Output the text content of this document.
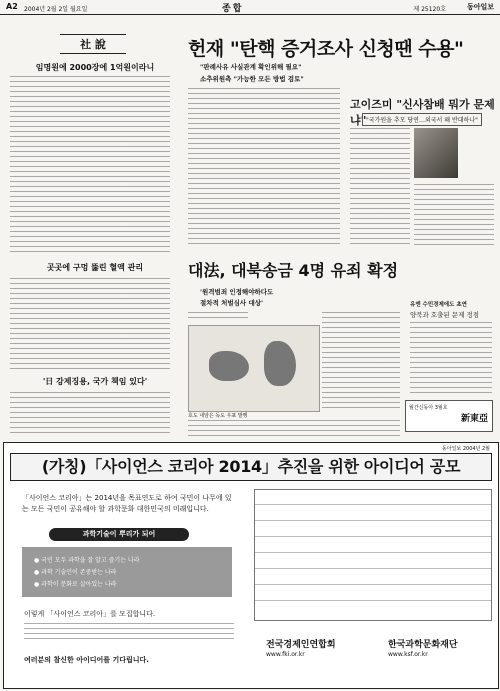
A2 2004년 2월 2일 월요일	종합	제 25120호	동아일보
社 說
임명원에 2000장에 1억원이라니
곳곳에 구멍 뚫린 혈액 관리
'日 강제징용, 국가 책임 있다'
헌재 "탄핵 증거조사 신청땐 수용"
"판례사유 사실관계 확인위해 필요"
소추위원측 "가능한 모든 방법 검토"
고이즈미 "신사참배 뭐가 문제냐" "국가원을 추모 당연…외국서 왜 반대하나"
대法, 대북송금 4명 유죄 확정
'원격범죄 인정해야하다도
절차적 처벌심사 대상'
호도 내암은 독도 우표 발행
유엔 수민경제에도 초연
양북과 호출된 문제 정점
월간신동아 3월호
新東亞
동아일보 2004년 2월
(가칭)「사이언스 코리아 2014」추진을 위한 아이디어 공모
「사이언스 코리아」는 2014년을 목표연도로 하여 국민이 나무에 있는 모든 국민이 공유해야 할 과학문화 대한민국의 미래입니다.
과학기술이 뿌리가 되어
● 국민 모두 과학을 잘 알고 즐기는 나라
● 과학 기술인이 존중받는 나라
● 과학이 문화로 살아있는 나라
이렇게 「사이언스 코리아」를 모집합니다.
여러분의 참신한 아이디어를 기다립니다.
전국경제인연합회
www.fki.or.kr
한국과학문화재단
www.ksf.or.kr
